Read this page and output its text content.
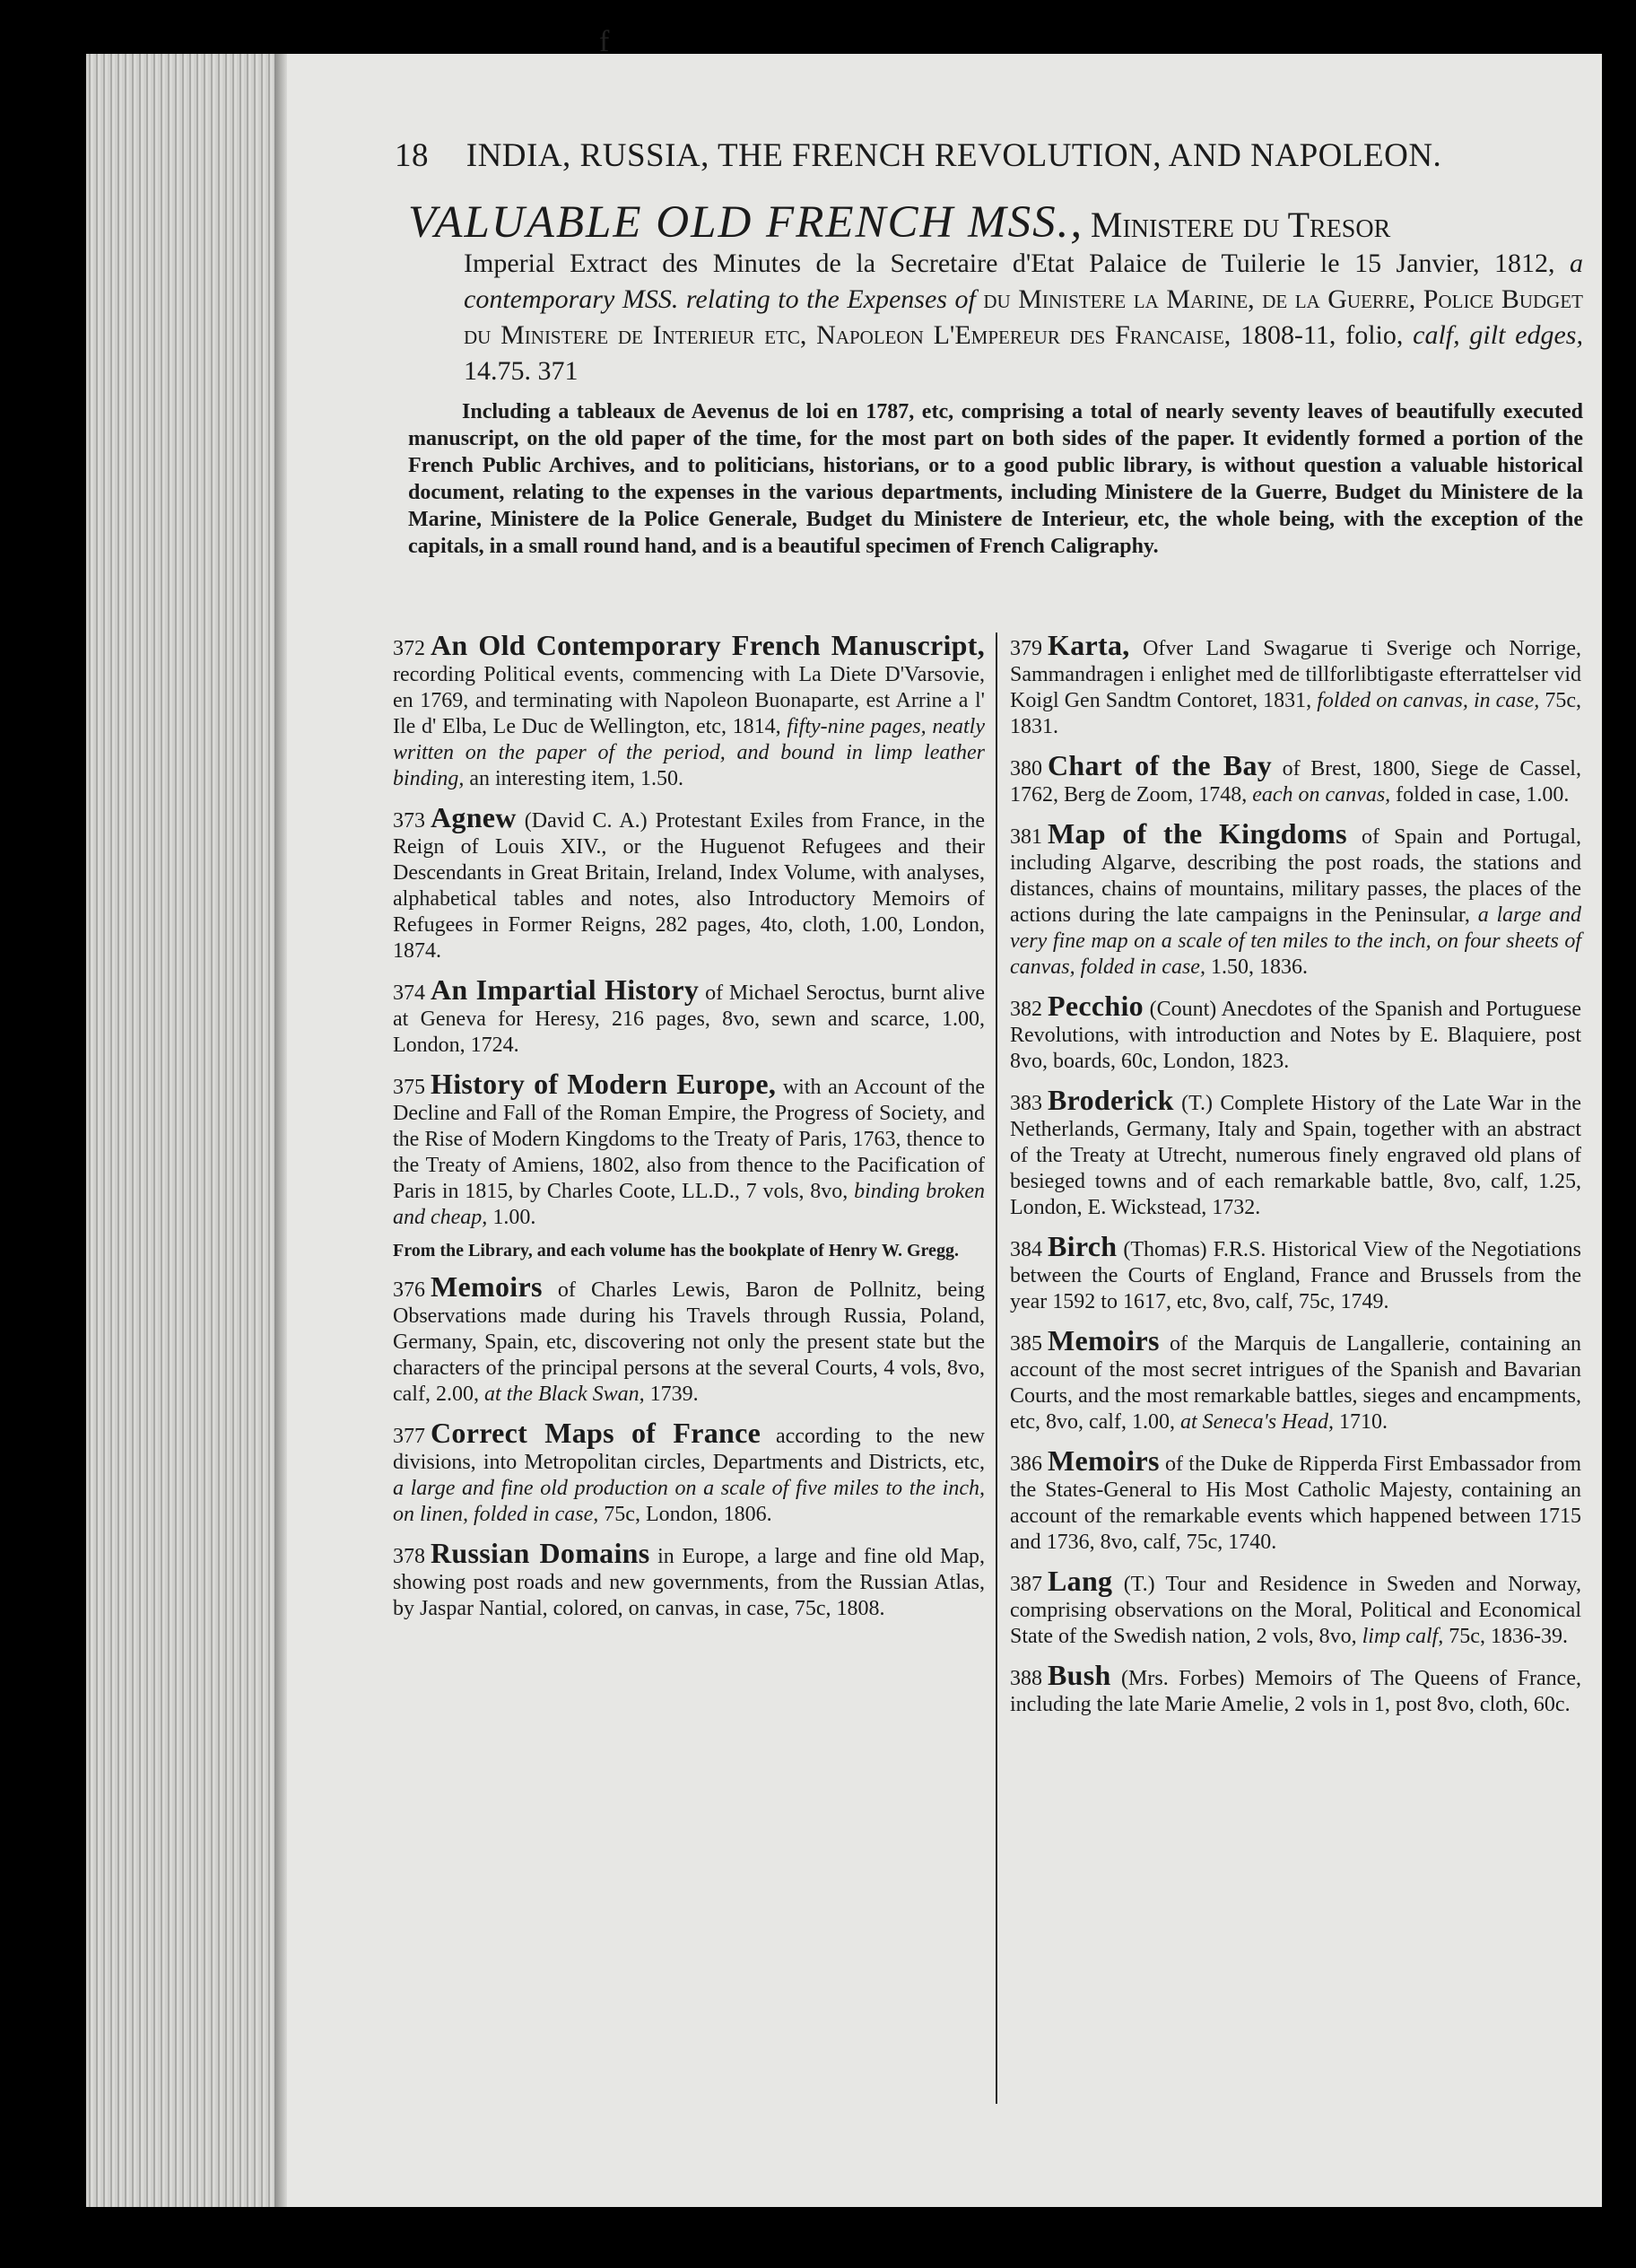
f
18 INDIA, RUSSIA, THE FRENCH REVOLUTION, AND NAPOLEON.

VALUABLE OLD FRENCH MSS., Ministere du Tresor

Imperial Extract des Minutes de la Secretaire d'Etat Palaice de Tuilerie le 15 Janvier, 1812, a contemporary MSS. relating to the Expenses of du Ministere la Marine, de la Guerre, Police Budget du Ministere de Interieur etc, Napoleon L'Empereur des Francaise, 1808-11, folio, calf, gilt edges, 14.75. 371

Including a tableaux de Aevenus de loi en 1787, etc, comprising a total of nearly seventy leaves of beautifully executed manuscript, on the old paper of the time, for the most part on both sides of the paper. It evidently formed a portion of the French Public Archives, and to politicians, historians, or to a good public library, is without question a valuable historical document, relating to the expenses in the various departments, including Ministere de la Guerre, Budget du Ministere de la Marine, Ministere de la Police Generale, Budget du Ministere de Interieur, etc, the whole being, with the exception of the capitals, in a small round hand, and is a beautiful specimen of French Caligraphy.

372 An Old Contemporary French Manuscript, recording Political events, commencing with La Diete D'Varsovie, en 1769, and terminating with Napoleon Buonaparte, est Arrine a l' Ile d' Elba, Le Duc de Wellington, etc, 1814, fifty-nine pages, neatly written on the paper of the period, and bound in limp leather binding, an interesting item, 1.50.
373 Agnew (David C. A.) Protestant Exiles from France, in the Reign of Louis XIV., or the Huguenot Refugees and their Descendants in Great Britain, Ireland, Index Volume, with analyses, alphabetical tables and notes, also Introductory Memoirs of Refugees in Former Reigns, 282 pages, 4to, cloth, 1.00, London, 1874.
374 An Impartial History of Michael Seroctus, burnt alive at Geneva for Heresy, 216 pages, 8vo, sewn and scarce, 1.00, London, 1724.
375 History of Modern Europe, with an Account of the Decline and Fall of the Roman Empire, the Progress of Society, and the Rise of Modern Kingdoms to the Treaty of Paris, 1763, thence to the Treaty of Amiens, 1802, also from thence to the Pacification of Paris in 1815, by Charles Coote, LL.D., 7 vols, 8vo, binding broken and cheap, 1.00.
From the Library, and each volume has the bookplate of Henry W. Gregg.
376 Memoirs of Charles Lewis, Baron de Pollnitz, being Observations made during his Travels through Russia, Poland, Germany, Spain, etc, discovering not only the present state but the characters of the principal persons at the several Courts, 4 vols, 8vo, calf, 2.00, at the Black Swan, 1739.
377 Correct Maps of France according to the new divisions, into Metropolitan circles, Departments and Districts, etc, a large and fine old production on a scale of five miles to the inch, on linen, folded in case, 75c, London, 1806.
378 Russian Domains in Europe, a large and fine old Map, showing post roads and new governments, from the Russian Atlas, by Jaspar Nantial, colored, on canvas, in case, 75c, 1808.
379 Karta, Ofver Land Swagarue ti Sverige och Norrige, Sammandragen i enlighet med de tillforlibtigaste efterrattelser vid Koigl Gen Sandtm Contoret, 1831, folded on canvas, in case, 75c, 1831.
380 Chart of the Bay of Brest, 1800, Siege de Cassel, 1762, Berg de Zoom, 1748, each on canvas, folded in case, 1.00.
381 Map of the Kingdoms of Spain and Portugal, including Algarve, describing the post roads, the stations and distances, chains of mountains, military passes, the places of the actions during the late campaigns in the Peninsular, a large and very fine map on a scale of ten miles to the inch, on four sheets of canvas, folded in case, 1.50, 1836.
382 Pecchio (Count) Anecdotes of the Spanish and Portuguese Revolutions, with introduction and Notes by E. Blaquiere, post 8vo, boards, 60c, London, 1823.
383 Broderick (T.) Complete History of the Late War in the Netherlands, Germany, Italy and Spain, together with an abstract of the Treaty at Utrecht, numerous finely engraved old plans of besieged towns and of each remarkable battle, 8vo, calf, 1.25, London, E. Wickstead, 1732.
384 Birch (Thomas) F.R.S. Historical View of the Negotiations between the Courts of England, France and Brussels from the year 1592 to 1617, etc, 8vo, calf, 75c, 1749.
385 Memoirs of the Marquis de Langallerie, containing an account of the most secret intrigues of the Spanish and Bavarian Courts, and the most remarkable battles, sieges and encampments, etc, 8vo, calf, 1.00, at Seneca's Head, 1710.
386 Memoirs of the Duke de Ripperda First Embassador from the States-General to His Most Catholic Majesty, containing an account of the remarkable events which happened between 1715 and 1736, 8vo, calf, 75c, 1740.
387 Lang (T.) Tour and Residence in Sweden and Norway, comprising observations on the Moral, Political and Economical State of the Swedish nation, 2 vols, 8vo, limp calf, 75c, 1836-39.
388 Bush (Mrs. Forbes) Memoirs of The Queens of France, including the late Marie Amelie, 2 vols in 1, post 8vo, cloth, 60c.
